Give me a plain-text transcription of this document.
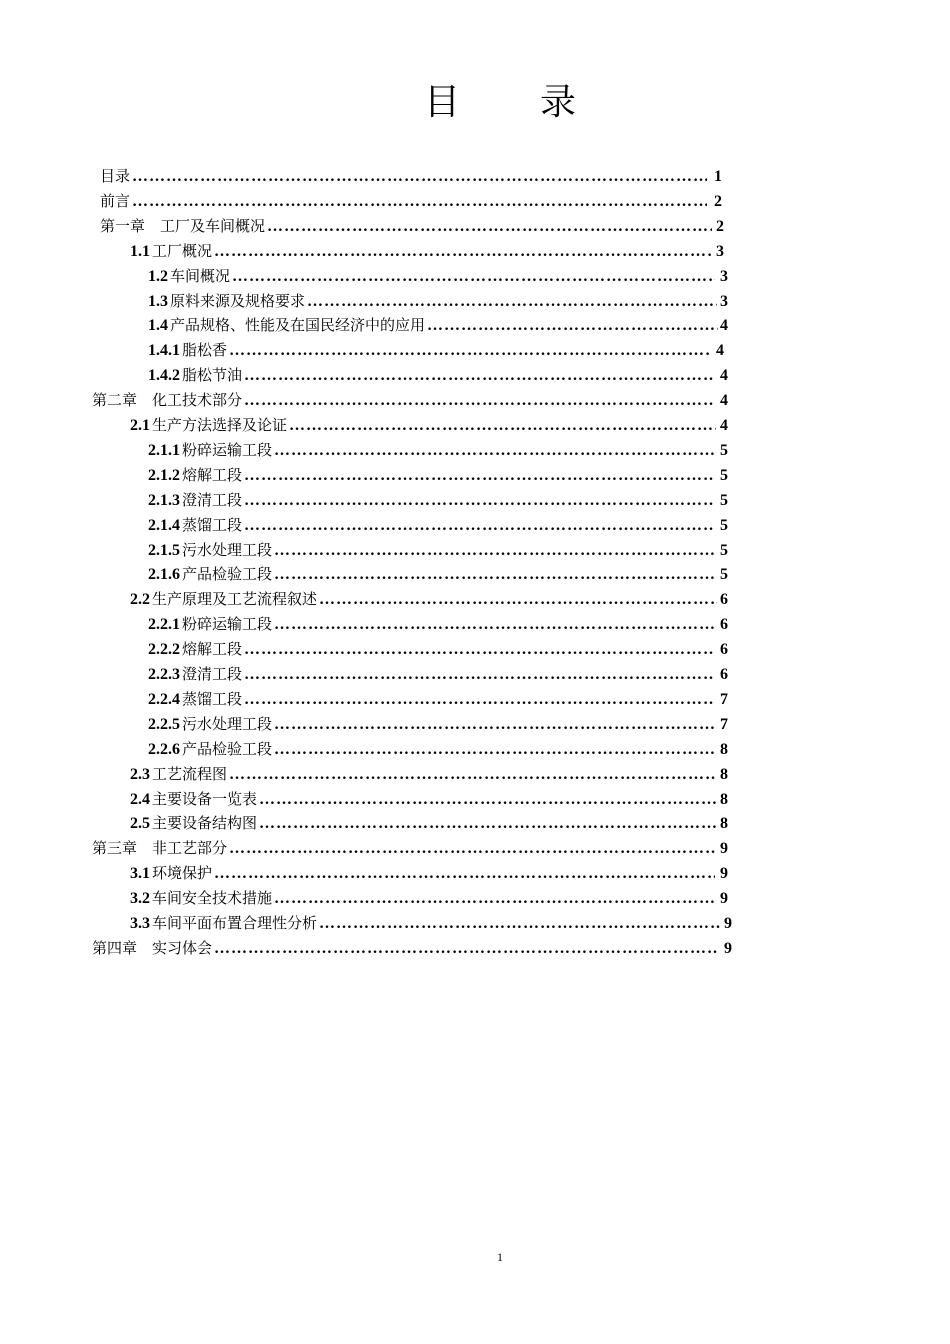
目 录
目录 ………………………………………………………………………………………………………………………………………………………	1
前言 ………………………………………………………………………………………………………………………………………………………	2
第一章　工厂及车间概况 ………………………………………………………………………………………………………………………………………………………	2
1.1 工厂概况 ………………………………………………………………………………………………………………………………………………………	3
1.2 车间概况 ………………………………………………………………………………………………………………………………………………………	3
1.3 原料来源及规格要求 ………………………………………………………………………………………………………………………………………………………	3
1.4 产品规格、性能及在国民经济中的应用 ………………………………………………………………………………………………………………………………………………………	4
1.4.1 脂松香 ………………………………………………………………………………………………………………………………………………………	4
1.4.2 脂松节油 ………………………………………………………………………………………………………………………………………………………	4
第二章　化工技术部分 ………………………………………………………………………………………………………………………………………………………	4
2.1 生产方法选择及论证 ………………………………………………………………………………………………………………………………………………………	4
2.1.1 粉碎运输工段 ………………………………………………………………………………………………………………………………………………………	5
2.1.2 熔解工段 ………………………………………………………………………………………………………………………………………………………	5
2.1.3 澄清工段 ………………………………………………………………………………………………………………………………………………………	5
2.1.4 蒸馏工段 ………………………………………………………………………………………………………………………………………………………	5
2.1.5 污水处理工段 ………………………………………………………………………………………………………………………………………………………	5
2.1.6 产品检验工段 ………………………………………………………………………………………………………………………………………………………	5
2.2 生产原理及工艺流程叙述 ………………………………………………………………………………………………………………………………………………………	6
2.2.1 粉碎运输工段 ………………………………………………………………………………………………………………………………………………………	6
2.2.2 熔解工段 ………………………………………………………………………………………………………………………………………………………	6
2.2.3 澄清工段 ………………………………………………………………………………………………………………………………………………………	6
2.2.4 蒸馏工段 ………………………………………………………………………………………………………………………………………………………	7
2.2.5 污水处理工段 ………………………………………………………………………………………………………………………………………………………	7
2.2.6 产品检验工段 ………………………………………………………………………………………………………………………………………………………	8
2.3 工艺流程图 ………………………………………………………………………………………………………………………………………………………	8
2.4 主要设备一览表 ………………………………………………………………………………………………………………………………………………………	8
2.5 主要设备结构图 ………………………………………………………………………………………………………………………………………………………	8
第三章　非工艺部分 ………………………………………………………………………………………………………………………………………………………	9
3.1 环境保护 ………………………………………………………………………………………………………………………………………………………	9
3.2 车间安全技术措施 ………………………………………………………………………………………………………………………………………………………	9
3.3 车间平面布置合理性分析 ………………………………………………………………………………………………………………………………………………………	9
第四章　实习体会 ………………………………………………………………………………………………………………………………………………………	9
1
